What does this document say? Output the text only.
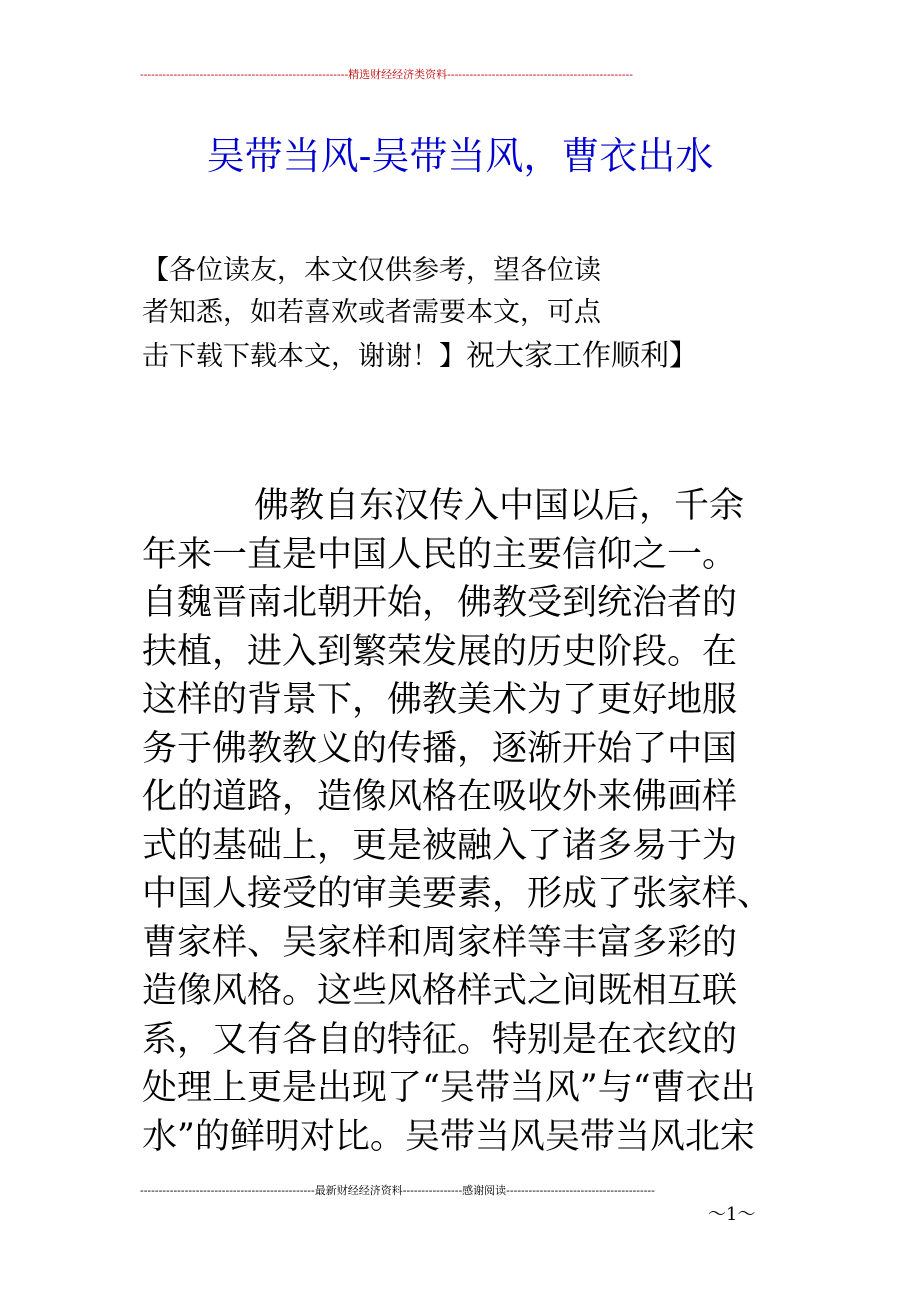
--------------------------------------------------------精选财经经济类资料--------------------------------------------------
吴带当风-吴带当风，曹衣出水
【各位读友，本文仅供参考，望各位读
者知悉，如若喜欢或者需要本文，可点
击下载下载本文，谢谢！】祝大家工作顺利】
佛教自东汉传入中国以后，千余
年来一直是中国人民的主要信仰之一。
自魏晋南北朝开始，佛教受到统治者的
扶植，进入到繁荣发展的历史阶段。在
这样的背景下，佛教美术为了更好地服
务于佛教教义的传播，逐渐开始了中国
化的道路，造像风格在吸收外来佛画样
式的基础上，更是被融入了诸多易于为
中国人接受的审美要素，形成了张家样、
曹家样、吴家样和周家样等丰富多彩的
造像风格。这些风格样式之间既相互联
系，又有各自的特征。特别是在衣纹的
处理上更是出现了“吴带当风”与“曹衣出
水”的鲜明对比。吴带当风吴带当风北宋
-----------------------------------------------最新财经经济资料----------------感谢阅读----------------------------------------
～1～
